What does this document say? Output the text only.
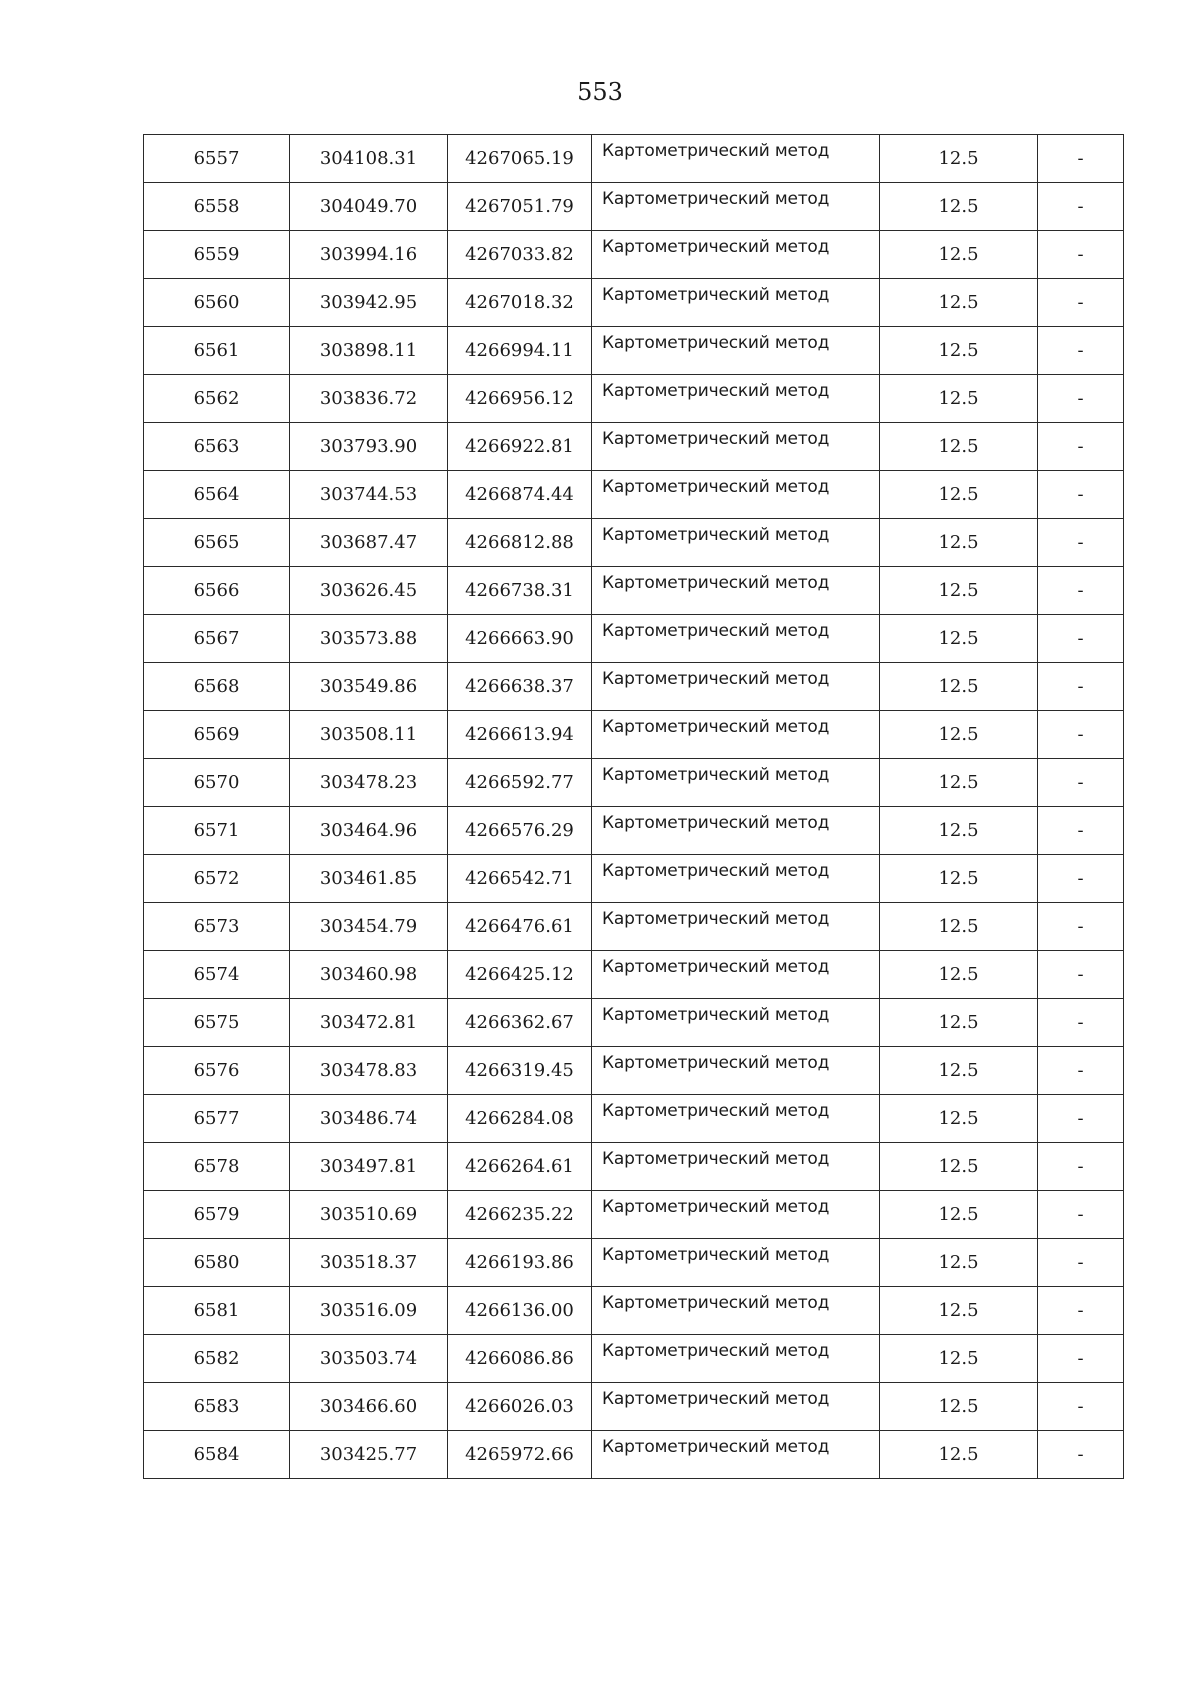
553
6557	304108.31	4267065.19	Картометрический метод	12.5	-
6558	304049.70	4267051.79	Картометрический метод	12.5	-
6559	303994.16	4267033.82	Картометрический метод	12.5	-
6560	303942.95	4267018.32	Картометрический метод	12.5	-
6561	303898.11	4266994.11	Картометрический метод	12.5	-
6562	303836.72	4266956.12	Картометрический метод	12.5	-
6563	303793.90	4266922.81	Картометрический метод	12.5	-
6564	303744.53	4266874.44	Картометрический метод	12.5	-
6565	303687.47	4266812.88	Картометрический метод	12.5	-
6566	303626.45	4266738.31	Картометрический метод	12.5	-
6567	303573.88	4266663.90	Картометрический метод	12.5	-
6568	303549.86	4266638.37	Картометрический метод	12.5	-
6569	303508.11	4266613.94	Картометрический метод	12.5	-
6570	303478.23	4266592.77	Картометрический метод	12.5	-
6571	303464.96	4266576.29	Картометрический метод	12.5	-
6572	303461.85	4266542.71	Картометрический метод	12.5	-
6573	303454.79	4266476.61	Картометрический метод	12.5	-
6574	303460.98	4266425.12	Картометрический метод	12.5	-
6575	303472.81	4266362.67	Картометрический метод	12.5	-
6576	303478.83	4266319.45	Картометрический метод	12.5	-
6577	303486.74	4266284.08	Картометрический метод	12.5	-
6578	303497.81	4266264.61	Картометрический метод	12.5	-
6579	303510.69	4266235.22	Картометрический метод	12.5	-
6580	303518.37	4266193.86	Картометрический метод	12.5	-
6581	303516.09	4266136.00	Картометрический метод	12.5	-
6582	303503.74	4266086.86	Картометрический метод	12.5	-
6583	303466.60	4266026.03	Картометрический метод	12.5	-
6584	303425.77	4265972.66	Картометрический метод	12.5	-
